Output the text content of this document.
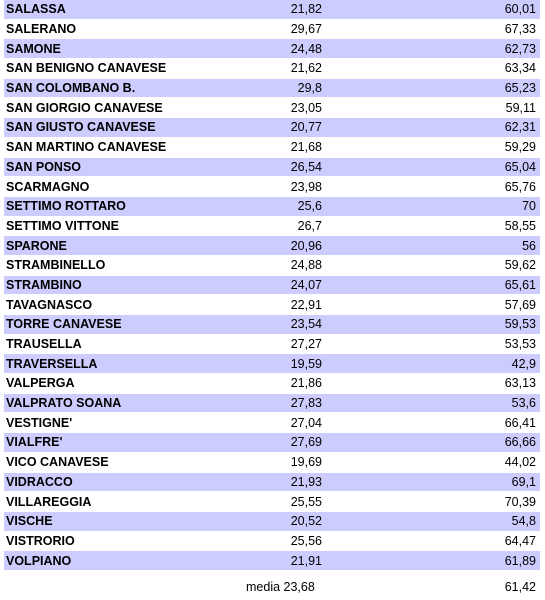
SALASSA	21,82	60,01
SALERANO	29,67	67,33
SAMONE	24,48	62,73
SAN BENIGNO CANAVESE	21,62	63,34
SAN COLOMBANO B.	29,8	65,23
SAN GIORGIO CANAVESE	23,05	59,11
SAN GIUSTO CANAVESE	20,77	62,31
SAN MARTINO CANAVESE	21,68	59,29
SAN PONSO	26,54	65,04
SCARMAGNO	23,98	65,76
SETTIMO ROTTARO	25,6	70
SETTIMO VITTONE	26,7	58,55
SPARONE	20,96	56
STRAMBINELLO	24,88	59,62
STRAMBINO	24,07	65,61
TAVAGNASCO	22,91	57,69
TORRE CANAVESE	23,54	59,53
TRAUSELLA	27,27	53,53
TRAVERSELLA	19,59	42,9
VALPERGA	21,86	63,13
VALPRATO SOANA	27,83	53,6
VESTIGNE'	27,04	66,41
VIALFRE'	27,69	66,66
VICO CANAVESE	19,69	44,02
VIDRACCO	21,93	69,1
VILLAREGGIA	25,55	70,39
VISCHE	20,52	54,8
VISTRORIO	25,56	64,47
VOLPIANO	21,91	61,89
media 23,68	61,42
